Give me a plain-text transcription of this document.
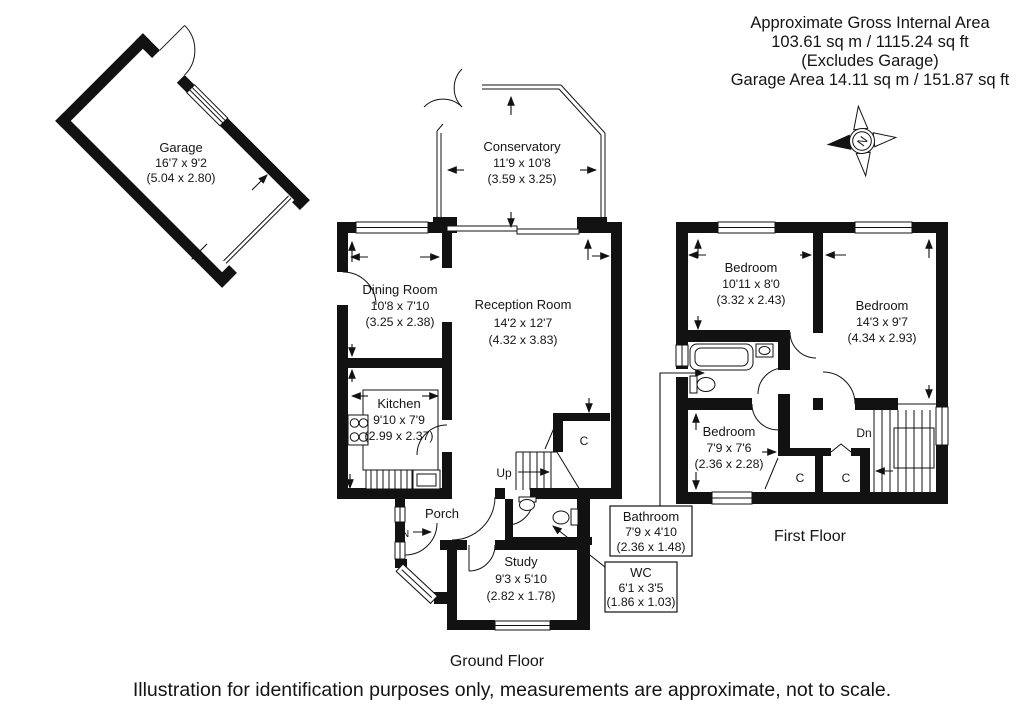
Approximate Gross Internal Area
103.61 sq m / 1115.24 sq ft
(Excludes Garage)
Garage Area 14.11 sq m / 151.87 sq ft
N
Garage
16'7 x 9'2
(5.04 x 2.80)
Conservatory
11'9 x 10'8
(3.59 x 3.25)
Dining Room
10'8 x 7'10
(3.25 x 2.38)
Reception Room
14'2 x 12'7
(4.32 x 3.83)
Kitchen
9'10 x 7'9
(2.99 x 2.37)
Study
9'3 x 5'10
(2.82 x 1.78)
Porch
IN
Up
C
Ground Floor
Bedroom
10'11 x 8'0
(3.32 x 2.43)	Bedroom
14'3 x 9'7
(4.34 x 2.93)
Bedroom
7'9 x 7'6
(2.36 x 2.28)
Dn
C	C
First Floor
Bathroom
7'9 x 4'10
(2.36 x 1.48)
WC
6'1 x 3'5
(1.86 x 1.03)
Illustration for identification purposes only, measurements are approximate, not to scale.
